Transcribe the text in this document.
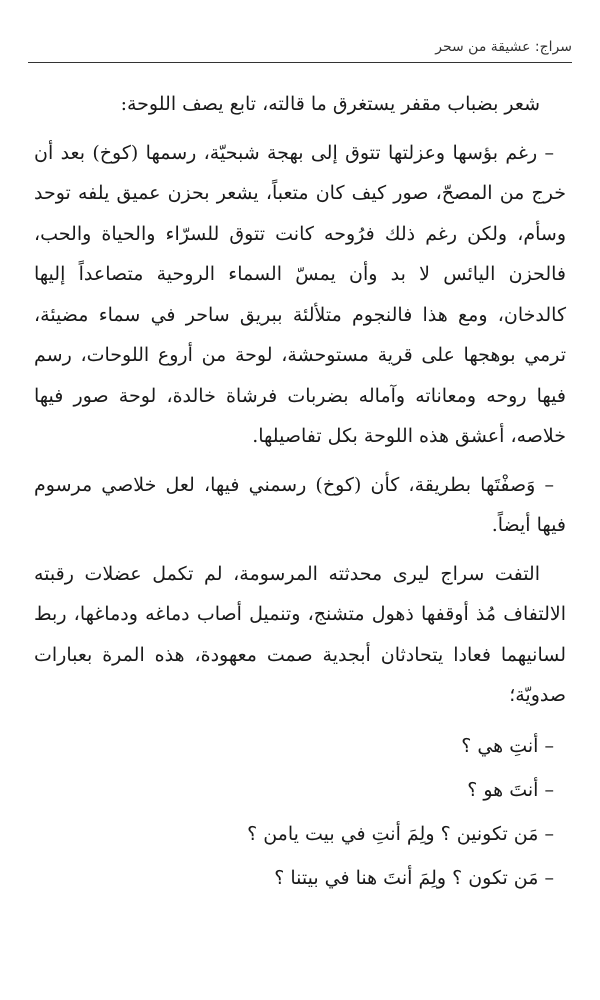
سراج: عشيقة من سحر

شعر بضباب مقفر يستغرق ما قالته، تابع يصف اللوحة:

– رغم بؤسها وعزلتها تتوق إلى بهجة شبحيّة، رسمها (كوخ) بعد أن خرج من المصحّ، صور كيف كان متعباً، يشعر بحزن عميق يلفه توحد وسأم، ولكن رغم ذلك فرُوحه كانت تتوق للسرّاء والحياة والحب، فالحزن اليائس لا بد وأن يمسّ السماء الروحية متصاعداً إليها كالدخان، ومع هذا فالنجوم متلألئة ببريق ساحر في سماء مضيئة، ترمي بوهجها على قرية مستوحشة، لوحة من أروع اللوحات، رسم فيها روحه ومعاناته وآماله بضربات فرشاة خالدة، لوحة صور فيها خلاصه، أعشق هذه اللوحة بكل تفاصيلها.

– وَصفْتَها بطريقة، كأن (كوخ) رسمني فيها، لعل خلاصي مرسوم فيها أيضاً.

التفت سراج ليرى محدثته المرسومة، لم تكمل عضلات رقبته الالتفاف مُذ أوقفها ذهول متشنج، وتنميل أصاب دماغه ودماغها، ربط لسانيهما فعادا يتحادثان أبجدية صمت معهودة، هذه المرة بعبارات صدويّة؛

– أنتِ هي ؟

– أنتَ هو ؟

– مَن تكونين ؟ ولِمَ أنتِ في بيت يامن ؟

– مَن تكون ؟ ولِمَ أنتَ هنا في بيتنا ؟
